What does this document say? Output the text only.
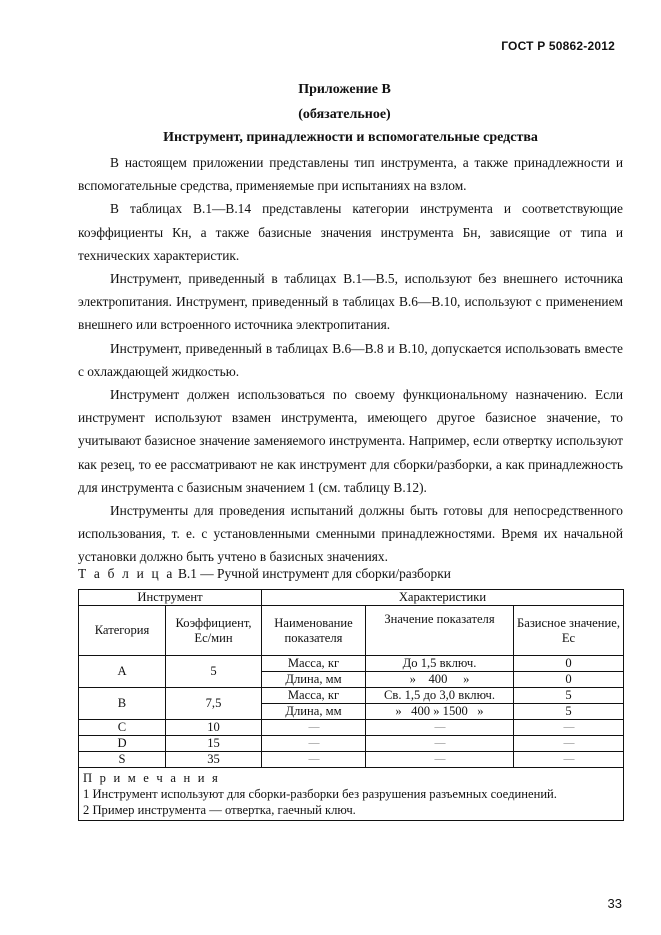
ГОСТ Р 50862-2012
Приложение В
(обязательное)
Инструмент, принадлежности и вспомогательные средства

В настоящем приложении представлены тип инструмента, а также принадлежности и вспомогательные средства, применяемые при испытаниях на взлом.

В таблицах В.1—В.14 представлены категории инструмента и соответствующие коэффициенты Кн, а также базисные значения инструмента Бн, зависящие от типа и технических характеристик.

Инструмент, приведенный в таблицах В.1—В.5, используют без внешнего источника электропитания. Инструмент, приведенный в таблицах В.6—В.10, используют с применением внешнего или встроенного источника электропитания.

Инструмент, приведенный в таблицах В.6—В.8 и В.10, допускается использовать вместе с охлаждающей жидкостью.

Инструмент должен использоваться по своему функциональному назначению. Если инструмент используют взамен инструмента, имеющего другое базисное значение, то учитывают базисное значение заменяемого инструмента. Например, если отвертку используют как резец, то ее рассматривают не как инструмент для сборки/разборки, а как принадлежность для инструмента с базисным значением 1 (см. таблицу В.12).

Инструменты для проведения испытаний должны быть готовы для непосредственного использования, т. е. с установленными сменными принадлежностями. Время их начальной установки должно быть учтено в базисных значениях.

Т а б л и ц а В.1 — Ручной инструмент для сборки/разборки
Инструмент		Характеристики		
Категория	Коэффициент, Ес/мин	Наименование показателя	Значение показателя	Базисное значение, Ес
А	5	Масса, кг	До 1,5 включ.	0
		Длина, мм	»    400     »	0
В	7,5	Масса, кг	Св. 1,5 до 3,0 включ.	5
		Длина, мм	»   400 » 1500   »	5
С	10	—	—	—
D	15	—	—	—
S	35	—	—	—

П р и м е ч а н и я
1 Инструмент используют для сборки-разборки без разрушения разъемных соединений.
2 Пример инструмента — отвертка, гаечный ключ.				
33
